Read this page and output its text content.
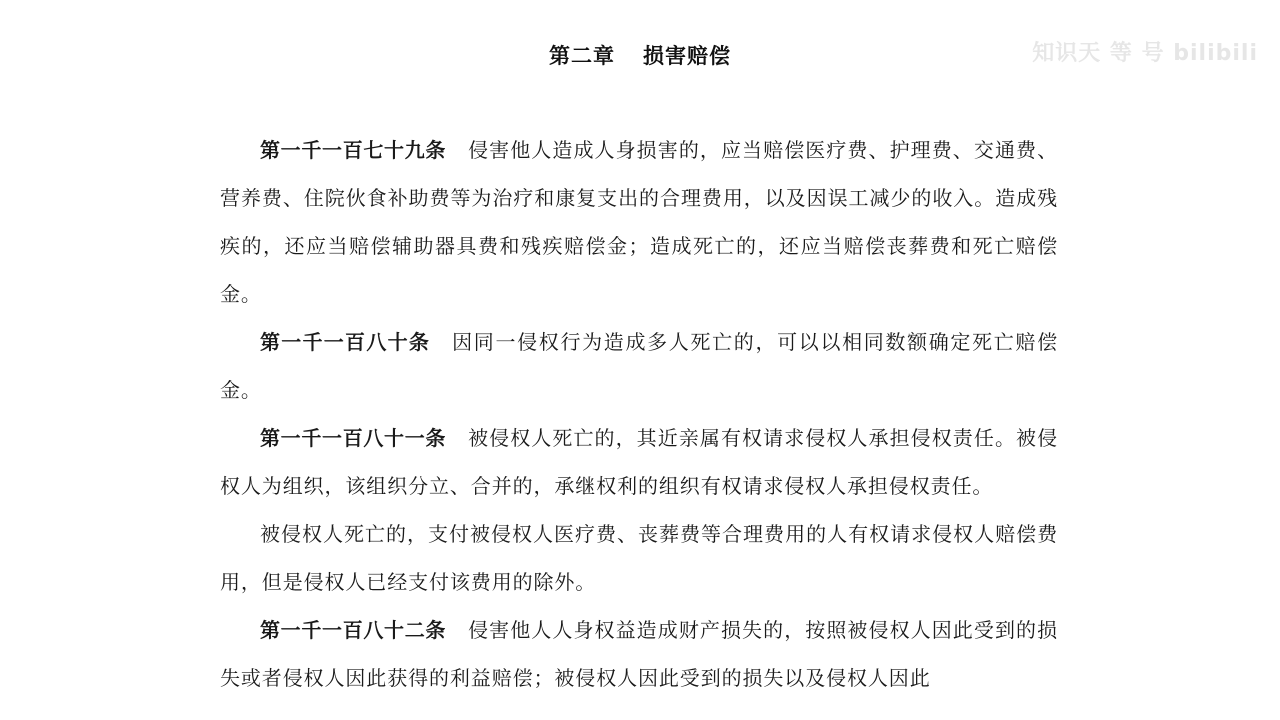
第二章 损害赔偿	知识天 等 号 bilibili

第一千一百七十九条 侵害他人造成人身损害的，应当赔偿医疗费、护理费、交通费、营养费、住院伙食补助费等为治疗和康复支出的合理费用，以及因误工减少的收入。造成残疾的，还应当赔偿辅助器具费和残疾赔偿金；造成死亡的，还应当赔偿丧葬费和死亡赔偿金。

第一千一百八十条 因同一侵权行为造成多人死亡的，可以以相同数额确定死亡赔偿金。

第一千一百八十一条 被侵权人死亡的，其近亲属有权请求侵权人承担侵权责任。被侵权人为组织，该组织分立、合并的，承继权利的组织有权请求侵权人承担侵权责任。

被侵权人死亡的，支付被侵权人医疗费、丧葬费等合理费用的人有权请求侵权人赔偿费用，但是侵权人已经支付该费用的除外。

第一千一百八十二条 侵害他人人身权益造成财产损失的，按照被侵权人因此受到的损失或者侵权人因此获得的利益赔偿；被侵权人因此受到的损失以及侵权人因此
